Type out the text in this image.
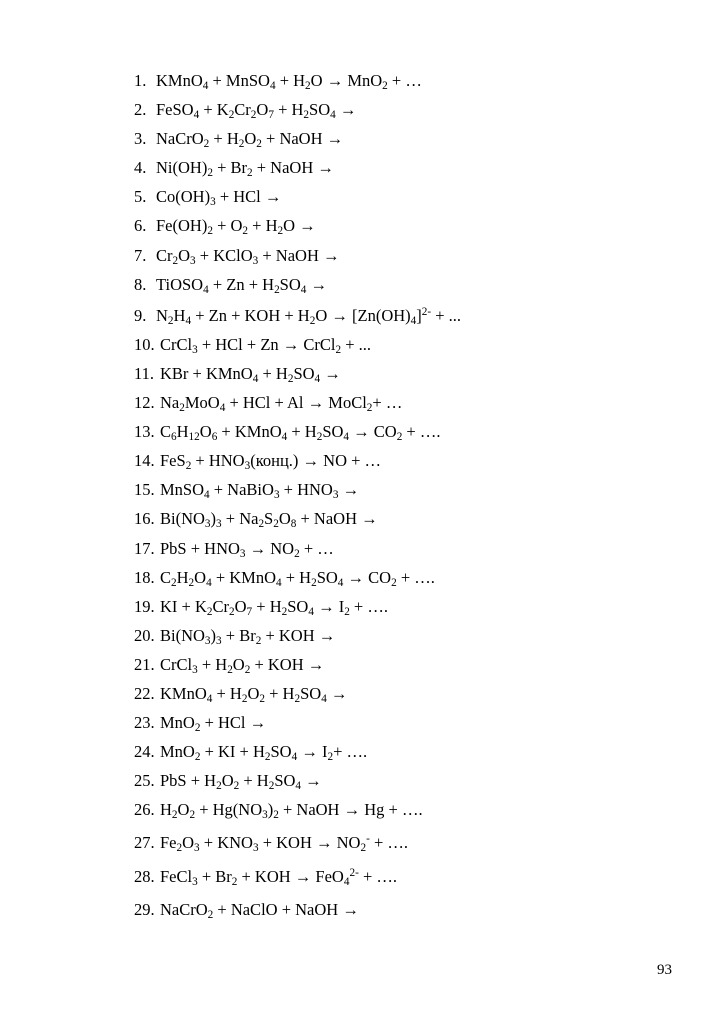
1. KMnO$_4$ + MnSO$_4$ + $H_2O \to MnO_2$ + …
2. FeSO$_4$ + $K_2Cr_2O_7 + H_2SO_4$ →
3. NaCrO$_2$ + $H_2O_2$ + NaOH →
4. $Ni(OH)_2 + Br_2$ + NaOH →
5. $Co(OH)_3$ + HCl →
6. $Fe(OH)_2 + O_2 + H_2O$ →
7. $Cr_2O_3$ + KClO$_3$ + NaOH →
8. TiOSO$_4$ + $Zn + H_2SO_4$ →
9. $N_2H_4 + Zn$ + KOH + $H_2O \to [Zn(OH)_4]^{2-}$ + ...
10. CrCl$_3$ + HCl + Zn → CrCl$_2$ + ...
11. KBr + KMnO$_4$ + $H_2SO_4$ →
12. $Na_2MoO_4$ + HCl + Al → MoCl$_2$+ …
13. $C_6H_{12}O_6$ + KMnO$_4$ + $H_2SO_4 \to CO_2$ + ….
14. $FeS_2 + HNO_3(конц.)$ → NO + …
15. MnSO$_4$ + NaBiO$_3$ + $HNO_3$ →
16. $Bi(NO_3)_3 + Na_2S_2O_8$ + NaOH →
17. PbS + $HNO_3 \to NO_2$ + …
18. $C_2H_2O_4$ + KMnO$_4$ + $H_2SO_4 \to CO_2$ + ….
19. KI + $K_2Cr_2O_7 + H_2SO_4 \to I_2$ + ….
20. $Bi(NO_3)_3 + Br_2$ + KOH →
21. CrCl$_3$ + $H_2O_2$ + KOH →
22. KMnO$_4$ + $H_2O_2 + H_2SO_4$ →
23. MnO$_2$ + HCl →
24. MnO$_2$ + KI + $H_2SO_4 \to I_2+$ ….
25. PbS + $H_2O_2 + H_2SO_4$ →
26. $H_2O_2 + Hg(NO_3)_2$ + NaOH → Hg + ….
27. $Fe_2O_3 + KNO_3$ + KOH → $NO_2^-$ + ….
28. FeCl$_3$ + $Br_2$ + KOH → FeO$_4^{2-}$ + ….
29. NaCrO$_2$ + NaClO + NaOH →
93
